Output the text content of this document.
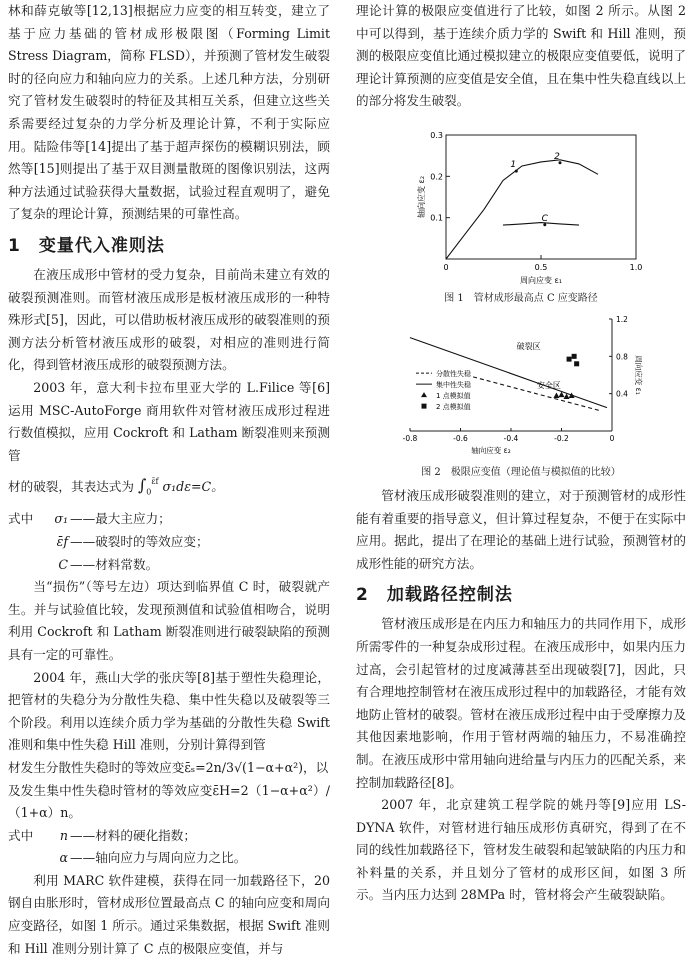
林和薛克敏等[12,13]根据应力应变的相互转变，建立了基于应力基础的管材成形极限图（Forming Limit Stress Diagram，简称 FLSD），并预测了管材发生破裂时的径向应力和轴向应力的关系。上述几种方法，分别研究了管材发生破裂时的特征及其相互关系，但建立这些关系需要经过复杂的力学分析及理论计算，不利于实际应用。陆险伟等[14]提出了基于超声探伤的模糊识别法，顾然等[15]则提出了基于双目测量散斑的图像识别法，这两种方法通过试验获得大量数据，试验过程直观明了，避免了复杂的理论计算，预测结果的可靠性高。

1　变量代入准则法

在液压成形中管材的受力复杂，目前尚未建立有效的破裂预测准则。而管材液压成形是板材液压成形的一种特殊形式[5]，因此，可以借助板材液压成形的破裂准则的预测方法分析管材液压成形的破裂，对相应的准则进行简化，得到管材液压成形的破裂预测方法。

2003 年，意大利卡拉布里亚大学的 L.Filice 等[6]运用 MSC-AutoForge 商用软件对管材液压成形过程进行数值模拟，应用 Cockroft 和 Latham 断裂准则来预测管

材的破裂，其表达式为 $\int_0^{\varepsilon̄f}$ σ₁dε=C。

式中 σ₁ ——最大主应力；
ε̄f ——破裂时的等效应变；
C ——材料常数。

当“损伤”（等号左边）项达到临界值 C 时，破裂就产生。并与试验值比较，发现预测值和试验值相吻合，说明利用 Cockroft 和 Latham 断裂准则进行破裂缺陷的预测具有一定的可靠性。

2004 年，燕山大学的张庆等[8]基于塑性失稳理论，把管材的失稳分为分散性失稳、集中性失稳以及破裂等三个阶段。利用以连续介质力学为基础的分散性失稳 Swift 准则和集中性失稳 Hill 准则，分别计算得到管

材发生分散性失稳时的等效应变ε̄ₛ=2n/3√(1−α+α²)，以

及发生集中性失稳时管材的等效应变ε̄H=2（1−α+α²）/（1+α）n。

式中 n ——材料的硬化指数；
α ——轴向应力与周向应力之比。

利用 MARC 软件建模，获得在同一加载路径下，20 钢自由胀形时，管材成形位置最高点 C 的轴向应变和周向应变路径，如图 1 所示。通过采集数据，根据 Swift 准则和 Hill 准则分别计算了 C 点的极限应变值，并与

理论计算的极限应变值进行了比较，如图 2 所示。从图 2 中可以得到，基于连续介质力学的 Swift 和 Hill 准则，预测的极限应变值比通过模拟建立的极限应变值要低，说明了理论计算预测的应变值是安全值，且在集中性失稳直线以上的部分将发生破裂。

0	0.5	1.0
0.1
0.2
0.3
周向应变 ε₁
轴向应变 ε₂
1
2
C
图 1　管材成形最高点 C 应变路径
-0.8	-0.6	-0.4	-0.2	0
0.4
0.8
1.2
轴向应变 ε₂
周向应变 ε₁
破裂区
安全区
分散性失稳
集中性失稳
1 点模拟值
2 点模拟值
图 2　极限应变值（理论值与模拟值的比较）

管材液压成形破裂准则的建立，对于预测管材的成形性能有着重要的指导意义，但计算过程复杂，不便于在实际中应用。据此，提出了在理论的基础上进行试验，预测管材的成形性能的研究方法。

2　加载路径控制法

管材液压成形是在内压力和轴压力的共同作用下，成形所需零件的一种复杂成形过程。在液压成形中，如果内压力过高，会引起管材的过度减薄甚至出现破裂[7]，因此，只有合理地控制管材在液压成形过程中的加载路径，才能有效地防止管材的破裂。管材在液压成形过程中由于受摩擦力及其他因素地影响，作用于管材两端的轴压力，不易准确控制。在液压成形中常用轴向进给量与内压力的匹配关系，来控制加载路径[8]。

2007 年，北京建筑工程学院的姚丹等[9]应用 LS-DYNA 软件，对管材进行轴压成形仿真研究，得到了在不同的线性加载路径下，管材发生破裂和起皱缺陷的内压力和补料量的关系，并且划分了管材的成形区间，如图 3 所示。当内压力达到 28MPa 时，管材将会产生破裂缺陷。
